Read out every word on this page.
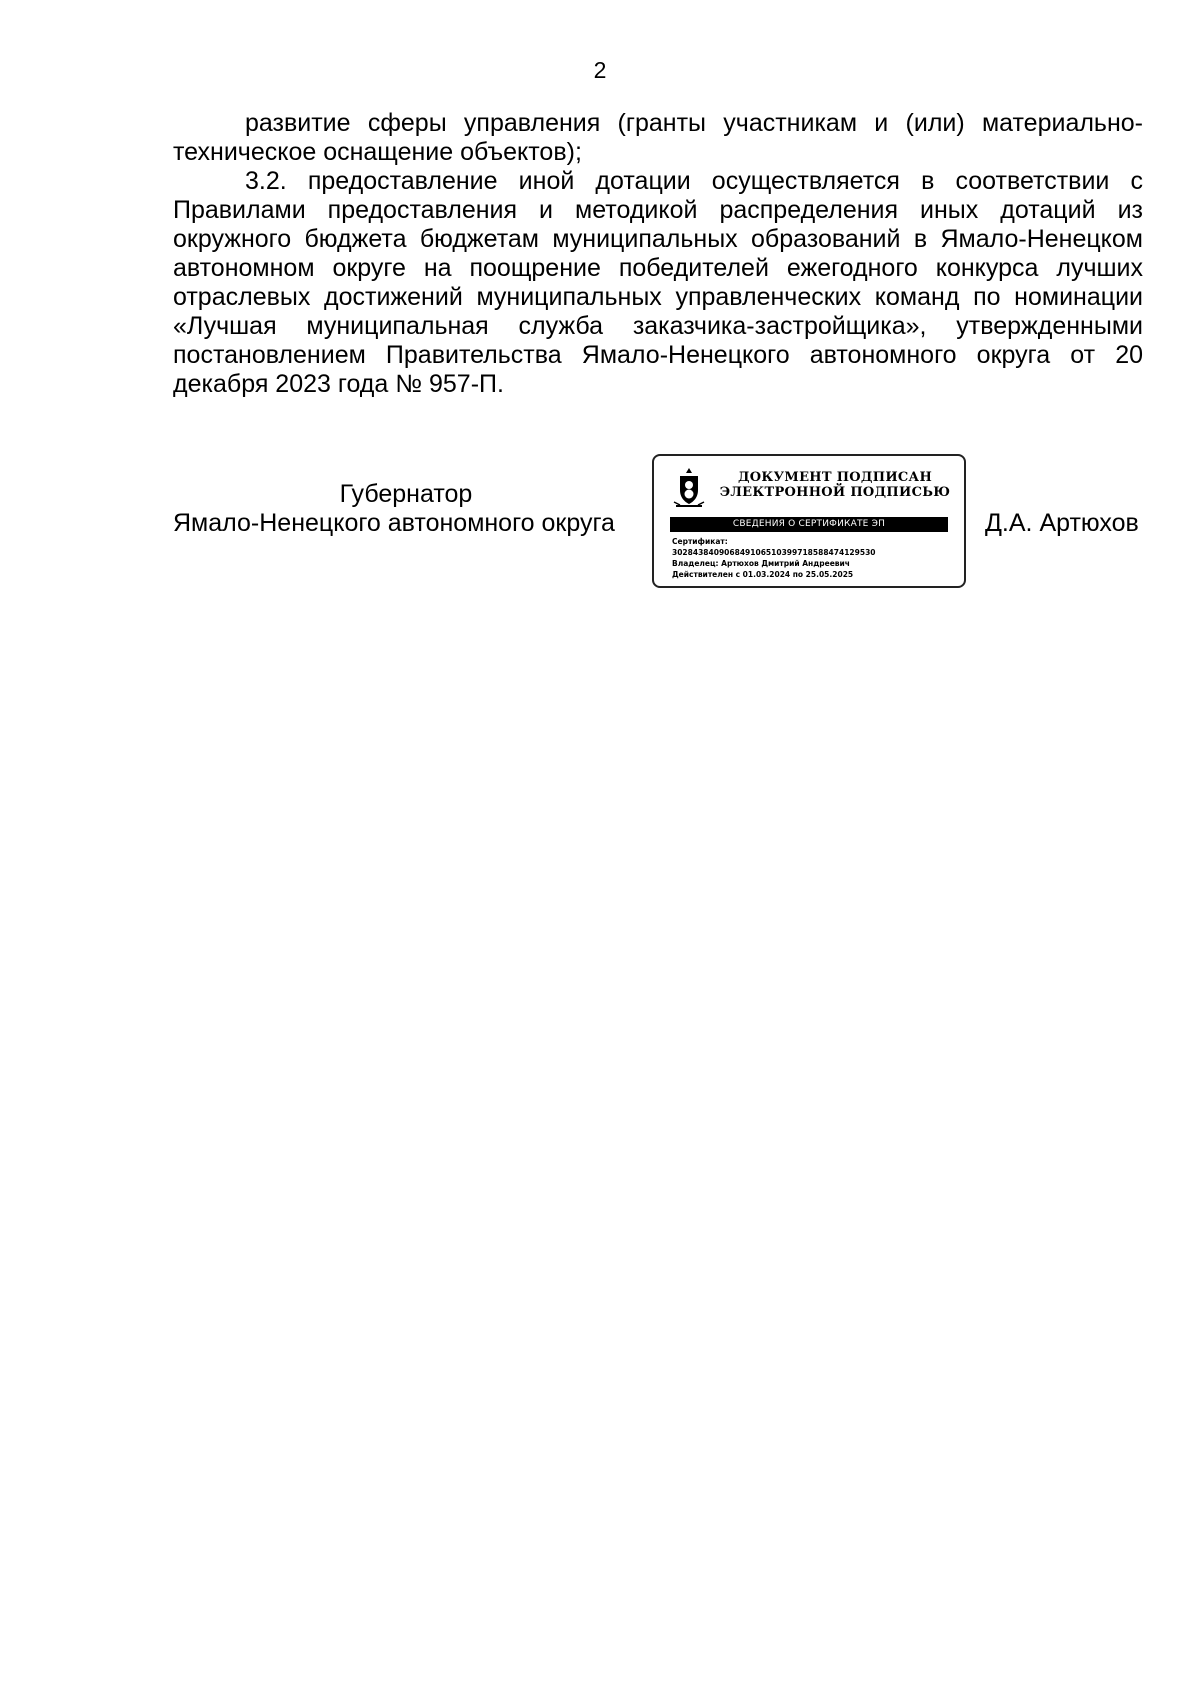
2

развитие сферы управления (гранты участникам и (или) материально-техническое оснащение объектов);

3.2. предоставление иной дотации осуществляется в соответствии с Правилами предоставления и методикой распределения иных дотаций из окружного бюджета бюджетам муниципальных образований в Ямало-Ненецком автономном округе на поощрение победителей ежегодного конкурса лучших отраслевых достижений муниципальных управленческих команд по номинации «Лучшая муниципальная служба заказчика-застройщика», утвержденными постановлением Правительства Ямало-Ненецкого автономного округа от 20 декабря 2023 года № 957-П.

Губернатор
Ямало-Ненецкого автономного округа
ДОКУМЕНТ ПОДПИСАН
ЭЛЕКТРОННОЙ ПОДПИСЬЮ
СВЕДЕНИЯ О СЕРТИФИКАТЕ ЭП
Сертификат:
302843840906849106510399718588474129530
Владелец: Артюхов Дмитрий Андреевич
Действителен с 01.03.2024 по 25.05.2025
Д.А. Артюхов
